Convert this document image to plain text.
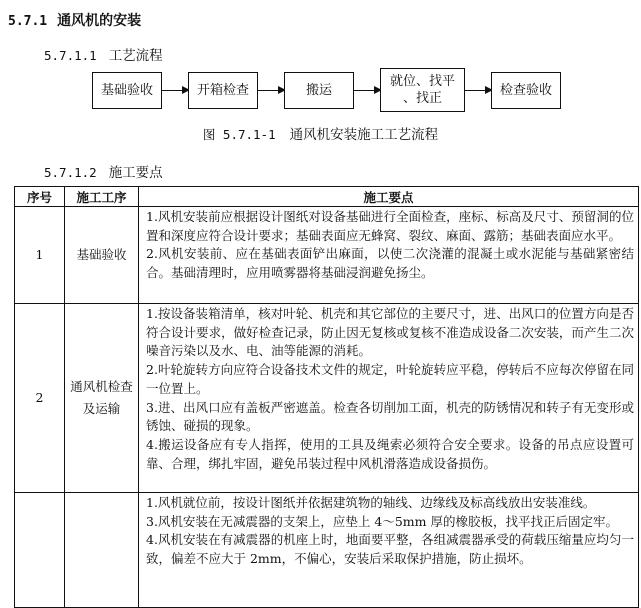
5.7.1 通风机的安装
5.7.1.1 工艺流程
基础验收	开箱检查	搬运
就位、找平
、找正
检查验收
图 5.7.1-1 通风机安装施工工艺流程
5.7.1.2 施工要点
序号	施工工序	施工要点
1	基础验收	1.风机安装前应根据设计图纸对设备基础进行全面检查，座标、标高及尺寸、预留洞的位置和深度应符合设计要求；基础表面应无蜂窝、裂纹、麻面、露筋；基础表面应水平。

2.风机安装前、应在基础表面铲出麻面，以使二次浇灌的混凝土或水泥能与基础紧密结合。基础清理时，应用喷雾器将基础浸润避免扬尘。

2	通风机检查及运输	1.按设备装箱清单，核对叶轮、机壳和其它部位的主要尺寸，进、出风口的位置方向是否符合设计要求，做好检查记录，防止因无复核或复核不准造成设备二次安装，而产生二次噪音污染以及水、电、油等能源的消耗。

2.叶轮旋转方向应符合设备技术文件的规定，叶轮旋转应平稳，停转后不应每次停留在同一位置上。

3.进、出风口应有盖板严密遮盖。检查各切削加工面，机壳的防锈情况和转子有无变形或锈蚀、碰损的现象。

4.搬运设备应有专人指挥，使用的工具及绳索必须符合安全要求。设备的吊点应设置可靠、合理，绑扎牢固，避免吊装过程中风机滑落造成设备损伤。

		1.风机就位前，按设计图纸并依据建筑物的轴线、边缘线及标高线放出安装准线。

3.风机安装在无减震器的支架上，应垫上 4～5mm 厚的橡胶板，找平找正后固定牢。

4.风机安装在有减震器的机座上时，地面要平整，各组减震器承受的荷载压缩量应均匀一致，偏差不应大于 2mm，不偏心，安装后采取保护措施，防止损坏。
